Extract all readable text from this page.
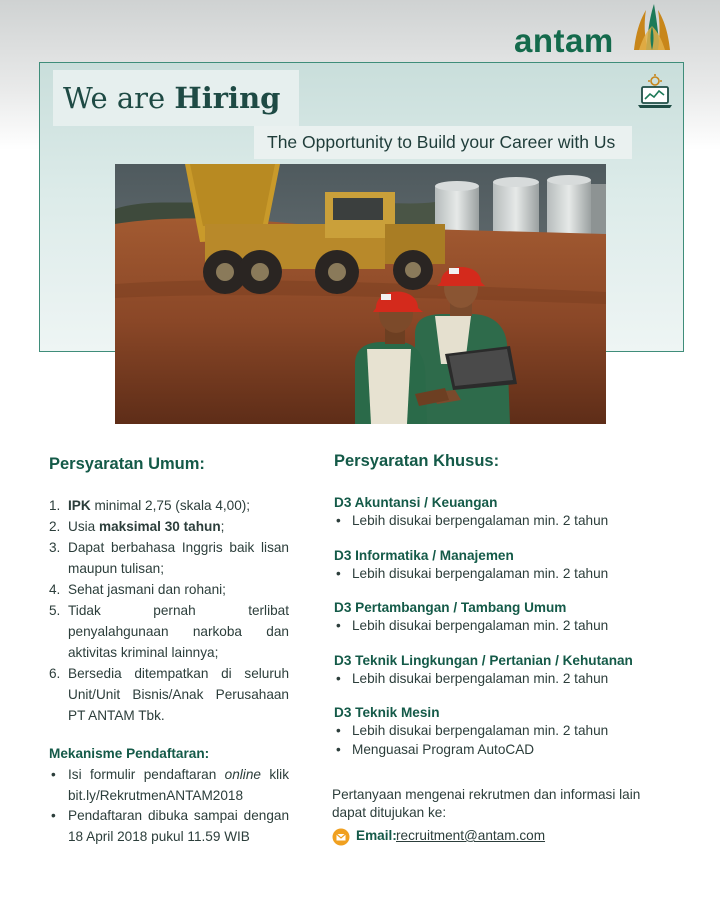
antam
We are Hiring
The Opportunity to Build your Career with Us
Persyaratan Umum:
1. IPK minimal 2,75 (skala 4,00);
2. Usia maksimal 30 tahun;
3. Dapat berbahasa Inggris baik lisan maupun tulisan;
4. Sehat jasmani dan rohani;
5. Tidak pernah terlibat penyalahgunaan narkoba dan aktivitas kriminal lainnya;
6. Bersedia ditempatkan di seluruh Unit/Unit Bisnis/Anak Perusahaan PT ANTAM Tbk.
Mekanisme Pendaftaran:
• Isi formulir pendaftaran online klik bit.ly/RekrutmenANTAM2018
• Pendaftaran dibuka sampai dengan 18 April 2018 pukul 11.59 WIB
Persyaratan Khusus:
D3 Akuntansi / Keuangan
• Lebih disukai berpengalaman min. 2 tahun
D3 Informatika / Manajemen
• Lebih disukai berpengalaman min. 2 tahun
D3 Pertambangan / Tambang Umum
• Lebih disukai berpengalaman min. 2 tahun
D3 Teknik Lingkungan / Pertanian / Kehutanan
• Lebih disukai berpengalaman min. 2 tahun
D3 Teknik Mesin
• Lebih disukai berpengalaman min. 2 tahun
• Menguasai Program AutoCAD
Pertanyaan mengenai rekrutmen dan informasi lain dapat ditujukan ke:
Email: recruitment@antam.com
